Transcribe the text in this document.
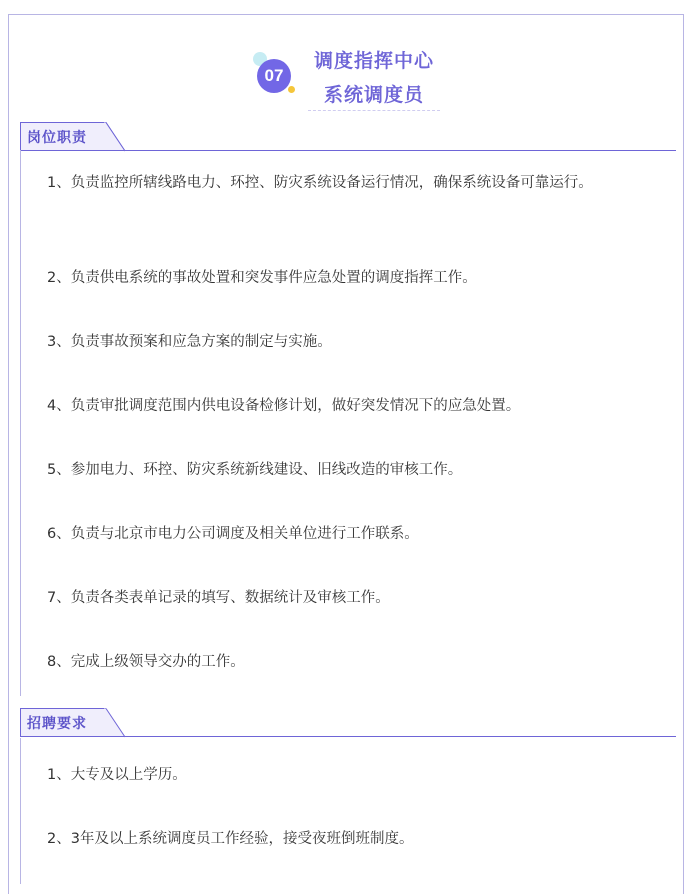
07
调度指挥中心
系统调度员
岗位职责
1、负责监控所辖线路电力、环控、防灾系统设备运行情况，确保系统设备可靠运行。
2、负责供电系统的事故处置和突发事件应急处置的调度指挥工作。
3、负责事故预案和应急方案的制定与实施。
4、负责审批调度范围内供电设备检修计划，做好突发情况下的应急处置。
5、参加电力、环控、防灾系统新线建设、旧线改造的审核工作。
6、负责与北京市电力公司调度及相关单位进行工作联系。
7、负责各类表单记录的填写、数据统计及审核工作。
8、完成上级领导交办的工作。
招聘要求
1、大专及以上学历。
2、3年及以上系统调度员工作经验，接受夜班倒班制度。
